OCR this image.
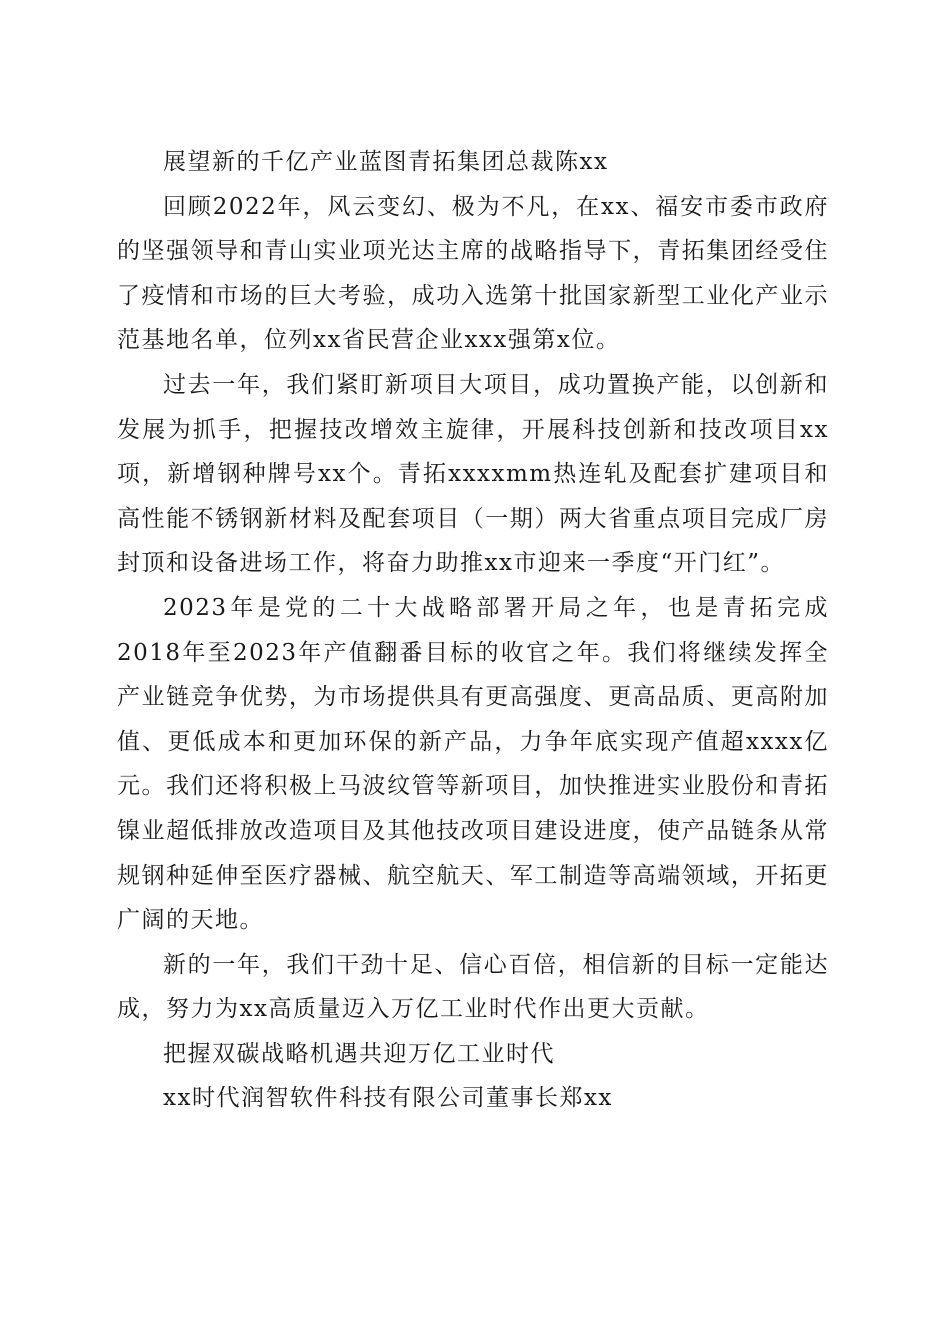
展望新的千亿产业蓝图青拓集团总裁陈xx

回顾2022年，风云变幻、极为不凡，在xx、福安市委市政府的坚强领导和青山实业项光达主席的战略指导下，青拓集团经受住了疫情和市场的巨大考验，成功入选第十批国家新型工业化产业示范基地名单，位列xx省民营企业xxx强第x位。

过去一年，我们紧盯新项目大项目，成功置换产能，以创新和发展为抓手，把握技改增效主旋律，开展科技创新和技改项目xx项，新增钢种牌号xx个。青拓xxxxmm热连轧及配套扩建项目和高性能不锈钢新材料及配套项目（一期）两大省重点项目完成厂房封顶和设备进场工作，将奋力助推xx市迎来一季度“开门红”。

2023年是党的二十大战略部署开局之年，也是青拓完成2018年至2023年产值翻番目标的收官之年。我们将继续发挥全产业链竞争优势，为市场提供具有更高强度、更高品质、更高附加值、更低成本和更加环保的新产品，力争年底实现产值超xxxx亿元。我们还将积极上马波纹管等新项目，加快推进实业股份和青拓镍业超低排放改造项目及其他技改项目建设进度，使产品链条从常规钢种延伸至医疗器械、航空航天、军工制造等高端领域，开拓更广阔的天地。

新的一年，我们干劲十足、信心百倍，相信新的目标一定能达成，努力为xx高质量迈入万亿工业时代作出更大贡献。

把握双碳战略机遇共迎万亿工业时代

xx时代润智软件科技有限公司董事长郑xx
